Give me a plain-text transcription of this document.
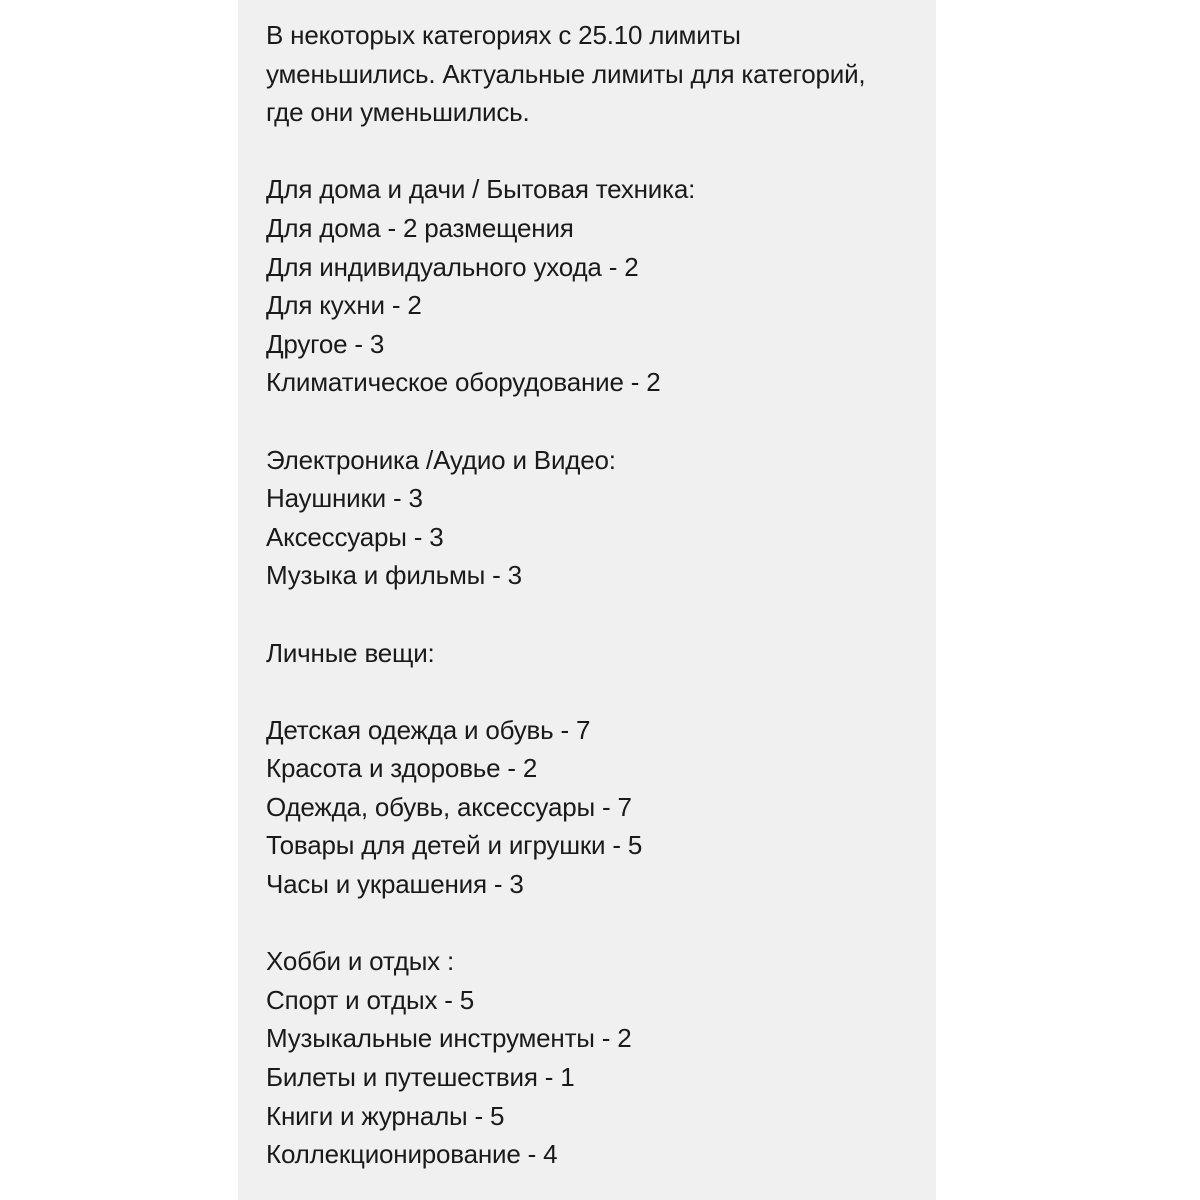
В некоторых категориях с 25.10 лимиты
уменьшились. Актуальные лимиты для категорий,
где они уменьшились.
Для дома и дачи / Бытовая техника:
Для дома - 2 размещения
Для индивидуального ухода - 2
Для кухни - 2
Другое - 3
Климатическое оборудование - 2
Электроника /Аудио и Видео:
Наушники - 3
Аксессуары - 3
Музыка и фильмы - 3
Личные вещи:
Детская одежда и обувь - 7
Красота и здоровье - 2
Одежда, обувь, аксессуары - 7
Товары для детей и игрушки - 5
Часы и украшения - 3
Хобби и отдых :
Спорт и отдых - 5
Музыкальные инструменты - 2
Билеты и путешествия - 1
Книги и журналы - 5
Коллекционирование - 4
